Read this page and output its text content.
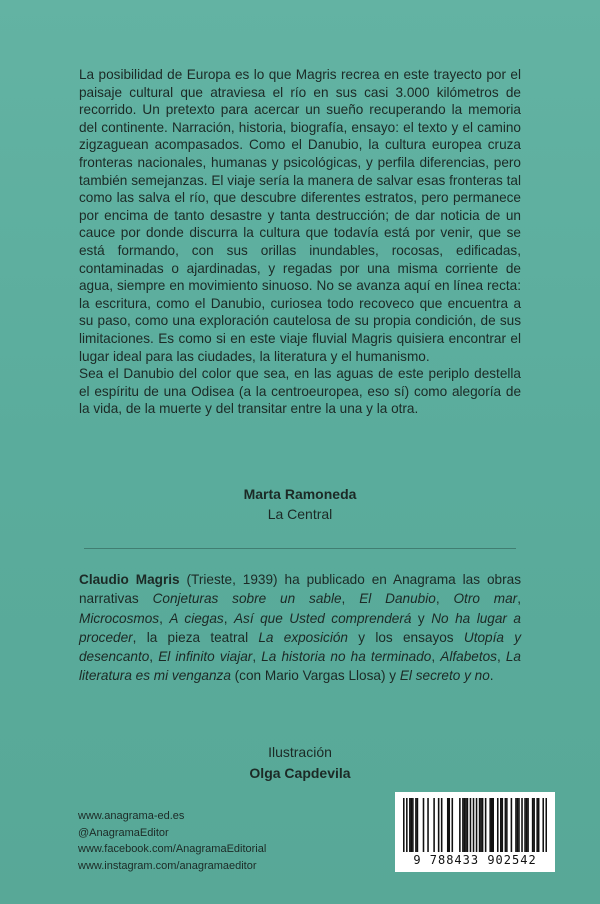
La posibilidad de Europa es lo que Magris recrea en este trayecto por el paisaje cultural que atraviesa el río en sus casi 3.000 kilómetros de recorrido. Un pretexto para acercar un sueño recuperando la memoria del continente. Narración, historia, biografía, ensayo: el texto y el camino zigzaguean acompasados. Como el Danubio, la cultura europea cruza fronteras nacionales, humanas y psicológicas, y perfila diferencias, pero también semejanzas. El viaje sería la manera de salvar esas fronteras tal como las salva el río, que descubre diferentes estratos, pero permanece por encima de tanto desastre y tanta destrucción; de dar noticia de un cauce por donde discurra la cultura que todavía está por venir, que se está formando, con sus orillas inundables, rocosas, edificadas, contaminadas o ajardinadas, y regadas por una misma corriente de agua, siempre en movimiento sinuoso. No se avanza aquí en línea recta: la escritura, como el Danubio, curiosea todo recoveco que encuentra a su paso, como una exploración cautelosa de su propia condición, de sus limitaciones. Es como si en este viaje fluvial Magris quisiera encontrar el lugar ideal para las ciudades, la literatura y el humanismo.

Sea el Danubio del color que sea, en las aguas de este periplo destella el espíritu de una Odisea (a la centroeuropea, eso sí) como alegoría de la vida, de la muerte y del transitar entre la una y la otra.

Marta Ramoneda
La Central
Claudio Magris (Trieste, 1939) ha publicado en Anagrama las obras narrativas Conjeturas sobre un sable, El Danubio, Otro mar, Microcosmos, A ciegas, Así que Usted comprenderá y No ha lugar a proceder, la pieza teatral La exposición y los ensayos Utopía y desencanto, El infinito viajar, La historia no ha terminado, Alfabetos, La literatura es mi venganza (con Mario Vargas Llosa) y El secreto y no.
Ilustración
Olga Capdevila
www.anagrama-ed.es
@AnagramaEditor
www.facebook.com/AnagramaEditorial
www.instagram.com/anagramaeditor	9 788433 902542
